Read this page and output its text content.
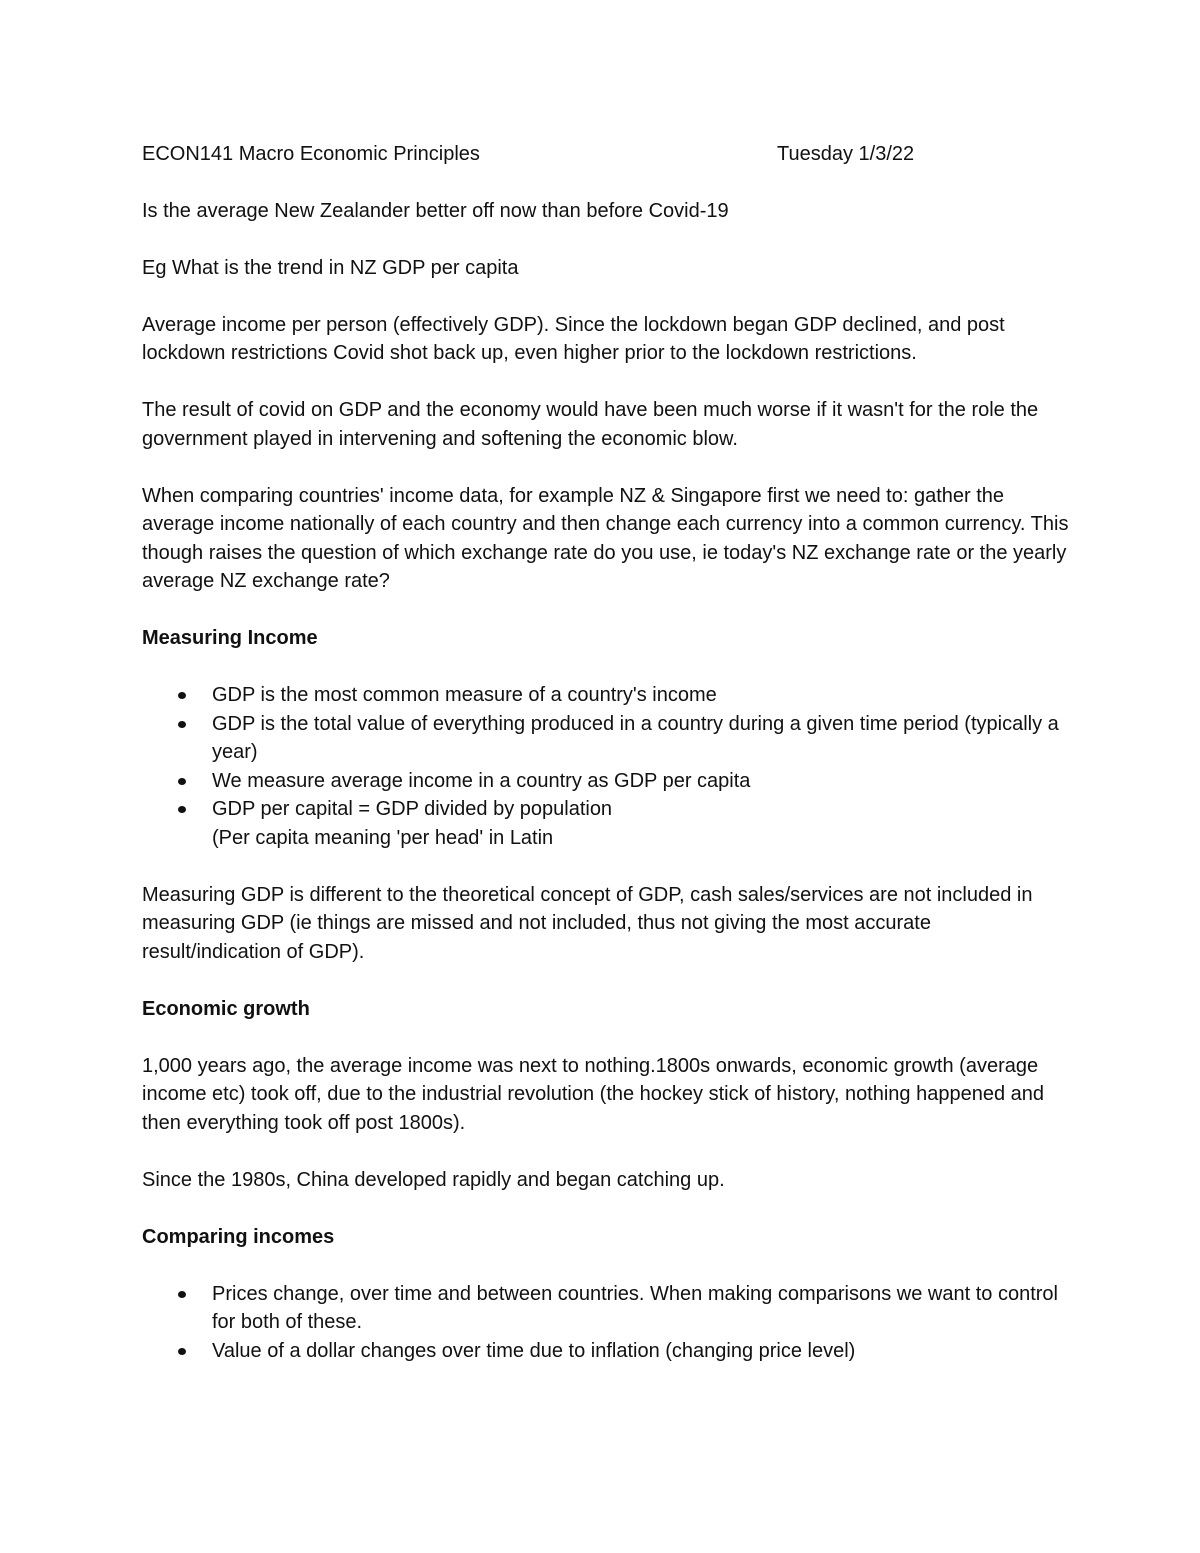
ECON141 Macro Economic Principles	Tuesday 1/3/22

Is the average New Zealander better off now than before Covid-19

Eg What is the trend in NZ GDP per capita

Average income per person (effectively GDP). Since the lockdown began GDP declined, and post lockdown restrictions Covid shot back up, even higher prior to the lockdown restrictions.

The result of covid on GDP and the economy would have been much worse if it wasn't for the role the government played in intervening and softening the economic blow.

When comparing countries' income data, for example NZ & Singapore first we need to: gather the average income nationally of each country and then change each currency into a common currency. This though raises the question of which exchange rate do you use, ie today's NZ exchange rate or the yearly average NZ exchange rate?

Measuring Income
GDP is the most common measure of a country's income
GDP is the total value of everything produced in a country during a given time period (typically a year)
We measure average income in a country as GDP per capita
GDP per capital = GDP divided by population
(Per capita meaning 'per head' in Latin

Measuring GDP is different to the theoretical concept of GDP, cash sales/services are not included in measuring GDP (ie things are missed and not included, thus not giving the most accurate result/indication of GDP).

Economic growth

1,000 years ago, the average income was next to nothing.1800s onwards, economic growth (average income etc) took off, due to the industrial revolution (the hockey stick of history, nothing happened and then everything took off post 1800s).

Since the 1980s, China developed rapidly and began catching up.

Comparing incomes
Prices change, over time and between countries. When making comparisons we want to control for both of these.
Value of a dollar changes over time due to inflation (changing price level)
